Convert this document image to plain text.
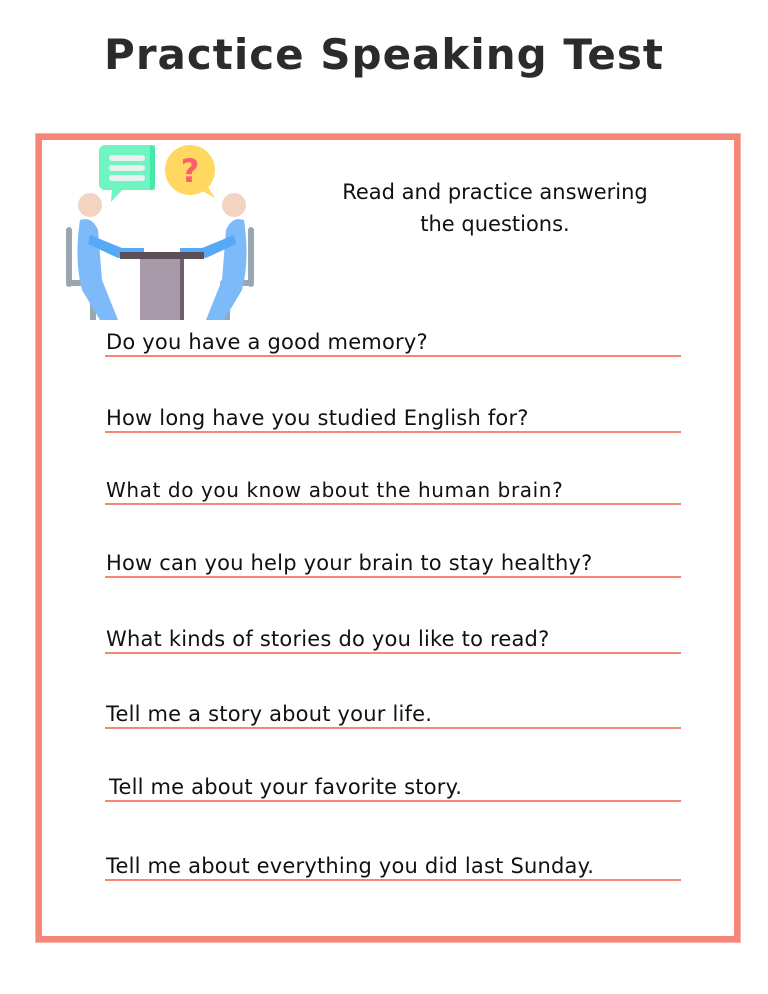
Practice Speaking Test
?
Read and practice answering
the questions.
Do you have a good memory?
How long have you studied English for?
What do you know about the human brain?
How can you help your brain to stay healthy?
What kinds of stories do you like to read?
Tell me a story about your life.
Tell me about your favorite story.
Tell me about everything you did last Sunday.
